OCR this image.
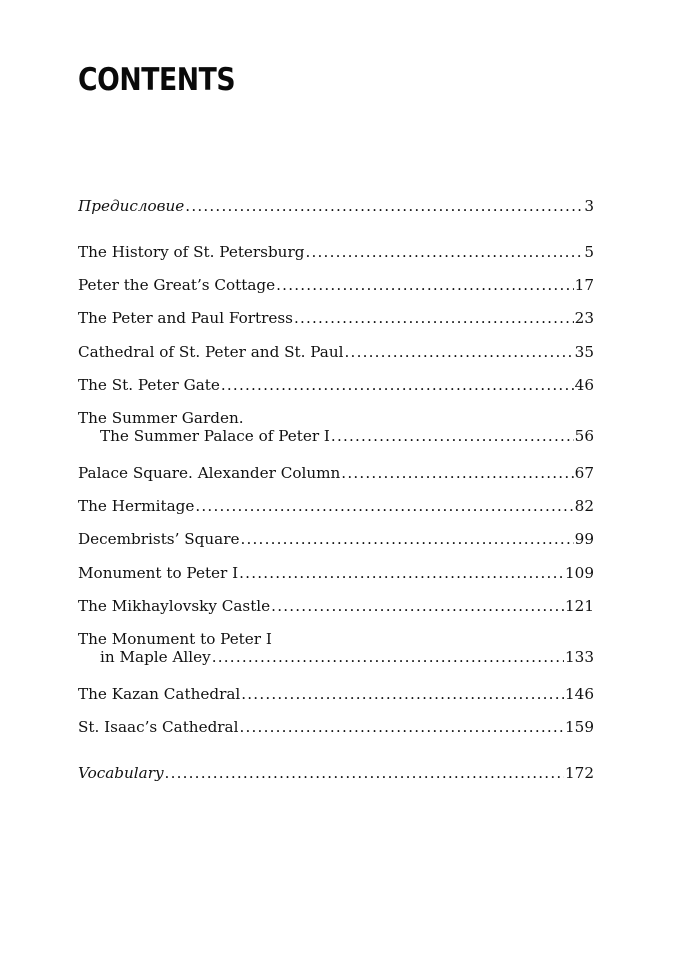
CONTENTS
Предисловие .....	3
The History of St. Petersburg .....	5
Peter the Great’s Cottage .....	17
The Peter and Paul Fortress .....	23
Cathedral of St. Peter and St. Paul .....	35
The St. Peter Gate .....	46
The Summer Garden.
The Summer Palace of Peter I .....	56
Palace Square. Alexander Column .....	67
The Hermitage .....	82
Decembrists’ Square .....	99
Monument to Peter I .....	109
The Mikhaylovsky Castle .....	121
The Monument to Peter I
in Maple Alley .....	133
The Kazan Cathedral .....	146
St. Isaac’s Cathedral .....	159
Vocabulary .....	172
